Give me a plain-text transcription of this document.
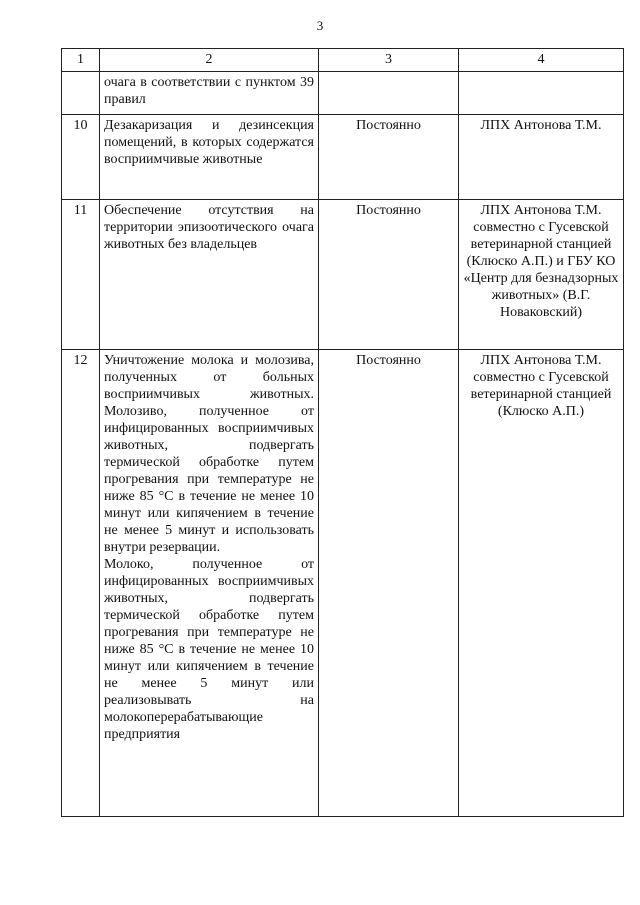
3
1	2	3	4

	очага в соответствии с пунктом 39 правил		

10	Дезакаризация и дезинсекция помещений, в которых содержатся восприимчивые животные	Постоянно	ЛПХ Антонова Т.М.
11	Обеспечение отсутствия на территории эпизоотического очага животных без владельцев	Постоянно	ЛПХ Антонова Т.М. совместно с Гусевской ветеринарной станцией (Клюско А.П.) и ГБУ КО «Центр для безнадзорных животных» (В.Г. Новаковский)
12	Уничтожение молока и молозива, полученных от больных восприимчивых животных. Молозиво, полученное от инфицированных восприимчивых животных, подвергать термической обработке путем прогревания при температуре не ниже 85 °C в течение не менее 10 минут или кипячением в течение не менее 5 минут и использовать внутри резервации.
Молоко, полученное от инфицированных восприимчивых животных, подвергать термической обработке путем прогревания при температуре не ниже 85 °C в течение не менее 10 минут или кипячением в течение не менее 5 минут или реализовывать на молокоперерабатывающие предприятия	Постоянно	ЛПХ Антонова Т.М. совместно с Гусевской ветеринарной станцией (Клюско А.П.)
